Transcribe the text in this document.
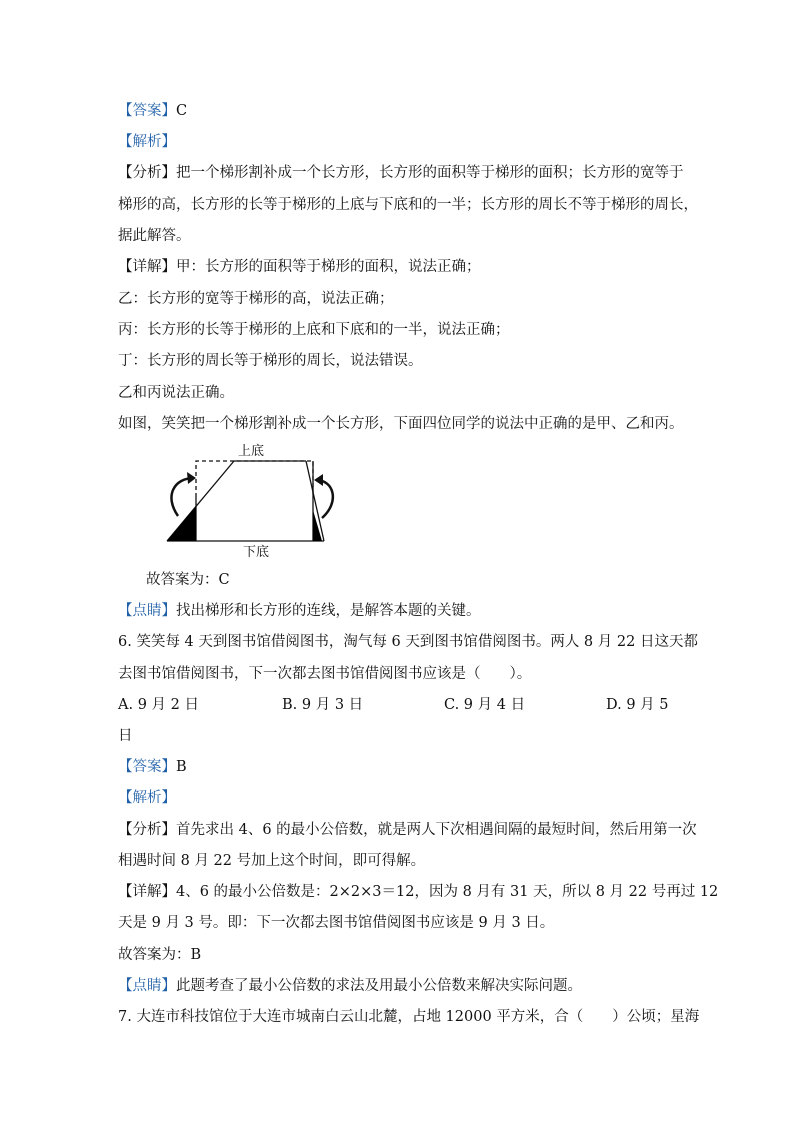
【答案】C
【解析】
【分析】把一个梯形割补成一个长方形，长方形的面积等于梯形的面积；长方形的宽等于
梯形的高，长方形的长等于梯形的上底与下底和的一半；长方形的周长不等于梯形的周长，
据此解答。
【详解】甲：长方形的面积等于梯形的面积，说法正确；
乙：长方形的宽等于梯形的高，说法正确；
丙：长方形的长等于梯形的上底和下底和的一半，说法正确；
丁：长方形的周长等于梯形的周长，说法错误。
乙和丙说法正确。
如图，笑笑把一个梯形割补成一个长方形，下面四位同学的说法中正确的是甲、乙和丙。
上底
下底
故答案为：C
【点睛】找出梯形和长方形的连线，是解答本题的关键。
6. 笑笑每 4 天到图书馆借阅图书，淘气每 6 天到图书馆借阅图书。两人 8 月 22 日这天都
去图书馆借阅图书，下一次都去图书馆借阅图书应该是（　　）。
A. 9 月 2 日	B. 9 月 3 日	C. 9 月 4 日	D. 9 月 5
日
【答案】B
【解析】
【分析】首先求出 4、6 的最小公倍数，就是两人下次相遇间隔的最短时间，然后用第一次
相遇时间 8 月 22 号加上这个时间，即可得解。
【详解】4、6 的最小公倍数是：2×2×3＝12，因为 8 月有 31 天，所以 8 月 22 号再过 12
天是 9 月 3 号。即：下一次都去图书馆借阅图书应该是 9 月 3 日。
故答案为：B
【点睛】此题考查了最小公倍数的求法及用最小公倍数来解决实际问题。
7. 大连市科技馆位于大连市城南白云山北麓，占地 12000 平方米，合（　　）公顷；星海
